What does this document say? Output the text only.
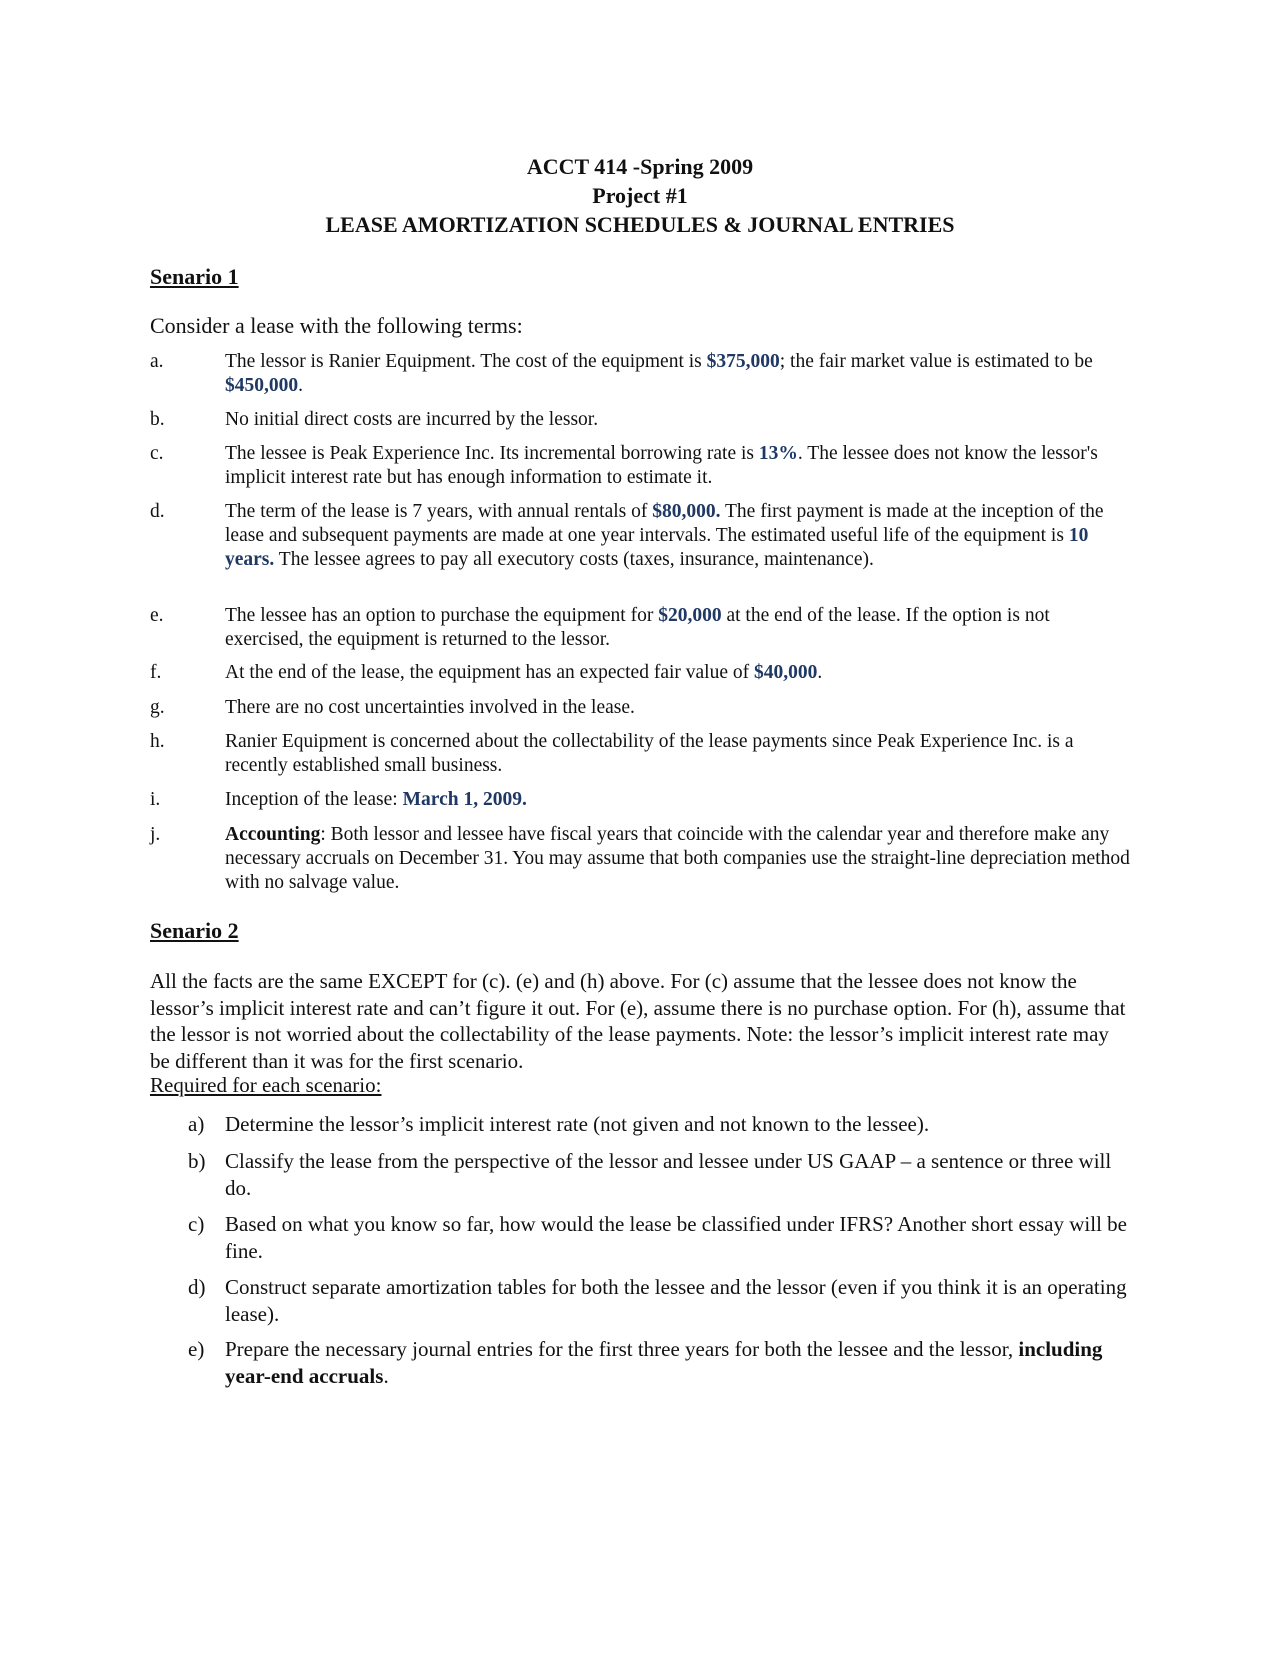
ACCT 414 -Spring 2009
Project #1
LEASE AMORTIZATION SCHEDULES & JOURNAL ENTRIES
Senario 1
Consider a lease with the following terms:
a.	The lessor is Ranier Equipment. The cost of the equipment is $375,000; the fair market value is estimated to be $450,000.
b.	No initial direct costs are incurred by the lessor.
c.	The lessee is Peak Experience Inc. Its incremental borrowing rate is 13%. The lessee does not know the lessor's implicit interest rate but has enough information to estimate it.
d.	The term of the lease is 7 years, with annual rentals of $80,000. The first payment is made at the inception of the lease and subsequent payments are made at one year intervals. The estimated useful life of the equipment is 10 years. The lessee agrees to pay all executory costs (taxes, insurance, maintenance).
e.	The lessee has an option to purchase the equipment for $20,000 at the end of the lease. If the option is not exercised, the equipment is returned to the lessor.
f.	At the end of the lease, the equipment has an expected fair value of $40,000.
g.	There are no cost uncertainties involved in the lease.
h.	Ranier Equipment is concerned about the collectability of the lease payments since Peak Experience Inc. is a recently established small business.
i.	Inception of the lease: March 1, 2009.
j.	Accounting: Both lessor and lessee have fiscal years that coincide with the calendar year and therefore make any necessary accruals on December 31. You may assume that both companies use the straight-line depreciation method with no salvage value.
Senario 2
All the facts are the same EXCEPT for (c). (e) and (h) above. For (c) assume that the lessee does not know the lessor’s implicit interest rate and can’t figure it out. For (e), assume there is no purchase option. For (h), assume that the lessor is not worried about the collectability of the lease payments. Note: the lessor’s implicit interest rate may be different than it was for the first scenario.
Required for each scenario:
a) Determine the lessor’s implicit interest rate (not given and not known to the lessee).
b) Classify the lease from the perspective of the lessor and lessee under US GAAP – a sentence or three will do.
c) Based on what you know so far, how would the lease be classified under IFRS? Another short essay will be fine.
d) Construct separate amortization tables for both the lessee and the lessor (even if you think it is an operating lease).
e) Prepare the necessary journal entries for the first three years for both the lessee and the lessor, including year-end accruals.
